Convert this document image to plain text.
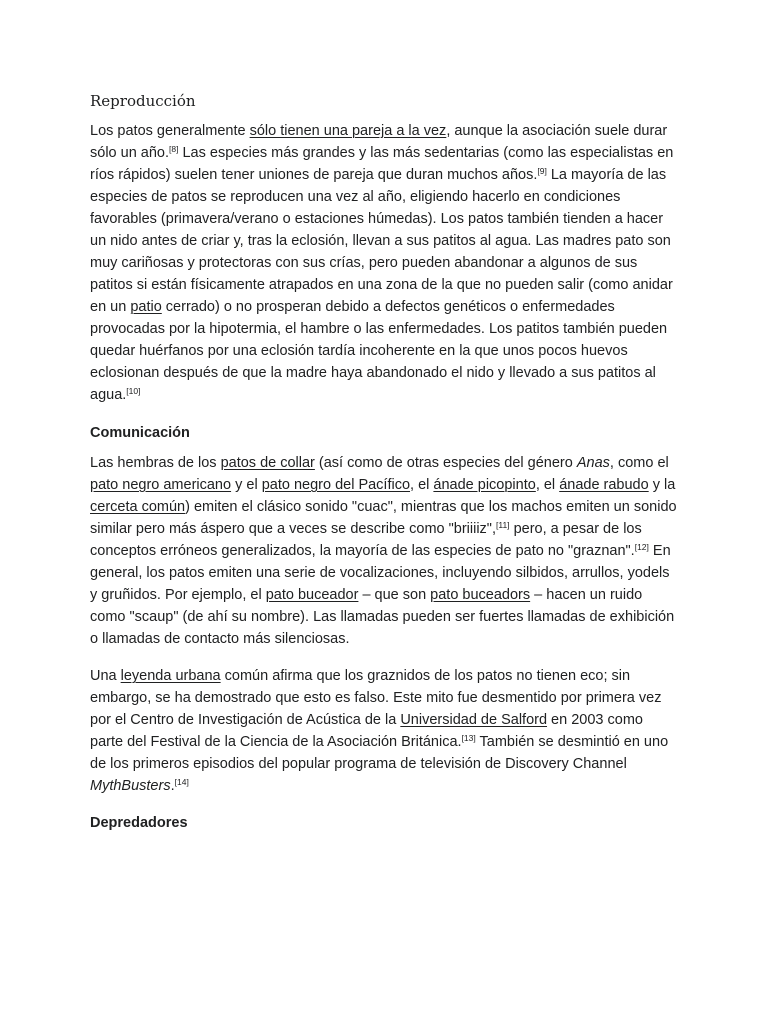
Reproducción

Los patos generalmente sólo tienen una pareja a la vez, aunque la asociación suele durar sólo un año.[8] Las especies más grandes y las más sedentarias (como las especialistas en ríos rápidos) suelen tener uniones de pareja que duran muchos años.[9] La mayoría de las especies de patos se reproducen una vez al año, eligiendo hacerlo en condiciones favorables (primavera/verano o estaciones húmedas). Los patos también tienden a hacer un nido antes de criar y, tras la eclosión, llevan a sus patitos al agua. Las madres pato son muy cariñosas y protectoras con sus crías, pero pueden abandonar a algunos de sus patitos si están físicamente atrapados en una zona de la que no pueden salir (como anidar en un patio cerrado) o no prosperan debido a defectos genéticos o enfermedades provocadas por la hipotermia, el hambre o las enfermedades. Los patitos también pueden quedar huérfanos por una eclosión tardía incoherente en la que unos pocos huevos eclosionan después de que la madre haya abandonado el nido y llevado a sus patitos al agua.[10]

Comunicación

Las hembras de los patos de collar (así como de otras especies del género Anas, como el pato negro americano y el pato negro del Pacífico, el ánade picopinto, el ánade rabudo y la cerceta común) emiten el clásico sonido "cuac", mientras que los machos emiten un sonido similar pero más áspero que a veces se describe como "briiiiz",[11] pero, a pesar de los conceptos erróneos generalizados, la mayoría de las especies de pato no "graznan".[12] En general, los patos emiten una serie de vocalizaciones, incluyendo silbidos, arrullos, yodels y gruñidos. Por ejemplo, el pato buceador – que son pato buceadors – hacen un ruido como "scaup" (de ahí su nombre). Las llamadas pueden ser fuertes llamadas de exhibición o llamadas de contacto más silenciosas.

Una leyenda urbana común afirma que los graznidos de los patos no tienen eco; sin embargo, se ha demostrado que esto es falso. Este mito fue desmentido por primera vez por el Centro de Investigación de Acústica de la Universidad de Salford en 2003 como parte del Festival de la Ciencia de la Asociación Británica.[13] También se desmintió en uno de los primeros episodios del popular programa de televisión de Discovery Channel MythBusters.[14]

Depredadores
